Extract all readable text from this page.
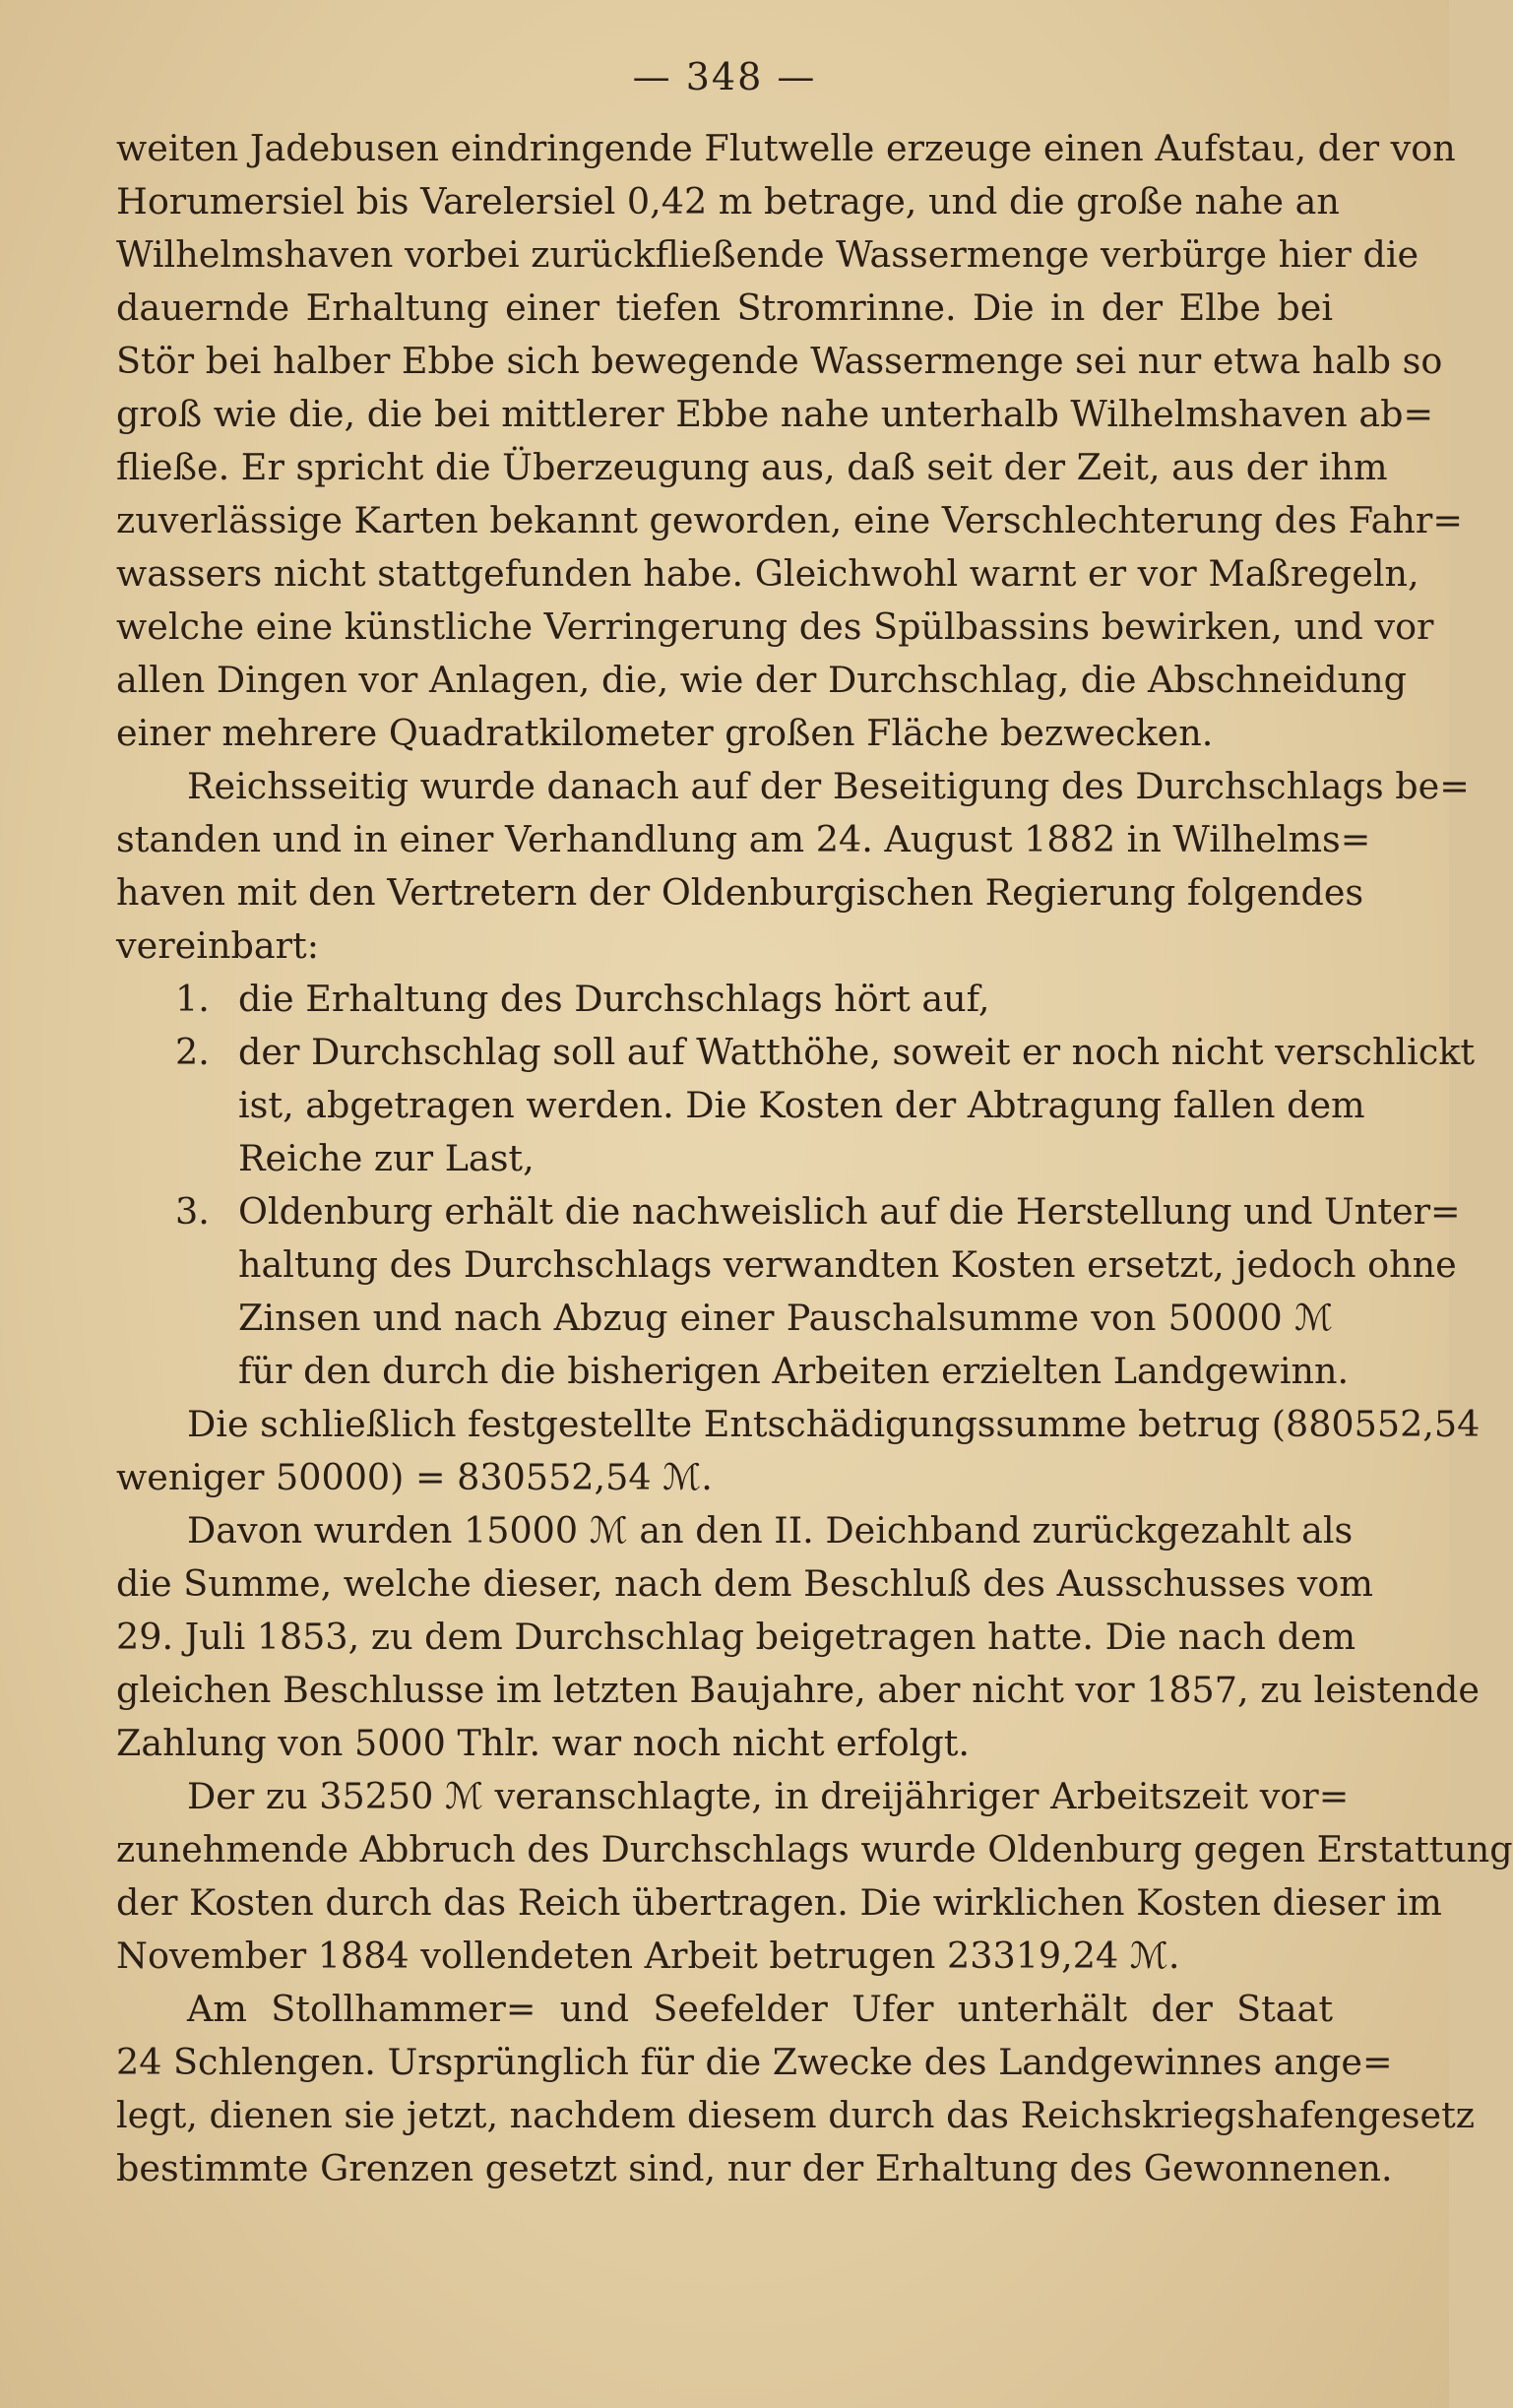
— 348 —
weiten Jadebusen eindringende Flutwelle erzeuge einen Aufstau, der von
Horumersiel bis Varelersiel 0,42 m betrage, und die große nahe an
Wilhelmshaven vorbei zurückfließende Wassermenge verbürge hier die
dauernde Erhaltung einer tiefen Stromrinne. Die in der Elbe bei
Stör bei halber Ebbe sich bewegende Wassermenge sei nur etwa halb so
groß wie die, die bei mittlerer Ebbe nahe unterhalb Wilhelmshaven ab=
fließe. Er spricht die Überzeugung aus, daß seit der Zeit, aus der ihm
zuverlässige Karten bekannt geworden, eine Verschlechterung des Fahr=
wassers nicht stattgefunden habe. Gleichwohl warnt er vor Maßregeln,
welche eine künstliche Verringerung des Spülbassins bewirken, und vor
allen Dingen vor Anlagen, die, wie der Durchschlag, die Abschneidung
einer mehrere Quadratkilometer großen Fläche bezwecken.
Reichsseitig wurde danach auf der Beseitigung des Durchschlags be=
standen und in einer Verhandlung am 24. August 1882 in Wilhelms=
haven mit den Vertretern der Oldenburgischen Regierung folgendes
vereinbart:
1. die Erhaltung des Durchschlags hört auf,
2. der Durchschlag soll auf Watthöhe, soweit er noch nicht verschlickt
ist, abgetragen werden. Die Kosten der Abtragung fallen dem
Reiche zur Last,
3. Oldenburg erhält die nachweislich auf die Herstellung und Unter=
haltung des Durchschlags verwandten Kosten ersetzt, jedoch ohne
Zinsen und nach Abzug einer Pauschalsumme von 50000 ℳ
für den durch die bisherigen Arbeiten erzielten Landgewinn.
Die schließlich festgestellte Entschädigungssumme betrug (880552,54
weniger 50000) = 830552,54 ℳ.
Davon wurden 15000 ℳ an den II. Deichband zurückgezahlt als
die Summe, welche dieser, nach dem Beschluß des Ausschusses vom
29. Juli 1853, zu dem Durchschlag beigetragen hatte. Die nach dem
gleichen Beschlusse im letzten Baujahre, aber nicht vor 1857, zu leistende
Zahlung von 5000 Thlr. war noch nicht erfolgt.
Der zu 35250 ℳ veranschlagte, in dreijähriger Arbeitszeit vor=
zunehmende Abbruch des Durchschlags wurde Oldenburg gegen Erstattung
der Kosten durch das Reich übertragen. Die wirklichen Kosten dieser im
November 1884 vollendeten Arbeit betrugen 23319,24 ℳ.
Am Stollhammer= und Seefelder Ufer unterhält der Staat
24 Schlengen. Ursprünglich für die Zwecke des Landgewinnes ange=
legt, dienen sie jetzt, nachdem diesem durch das Reichskriegshafengesetz
bestimmte Grenzen gesetzt sind, nur der Erhaltung des Gewonnenen.
